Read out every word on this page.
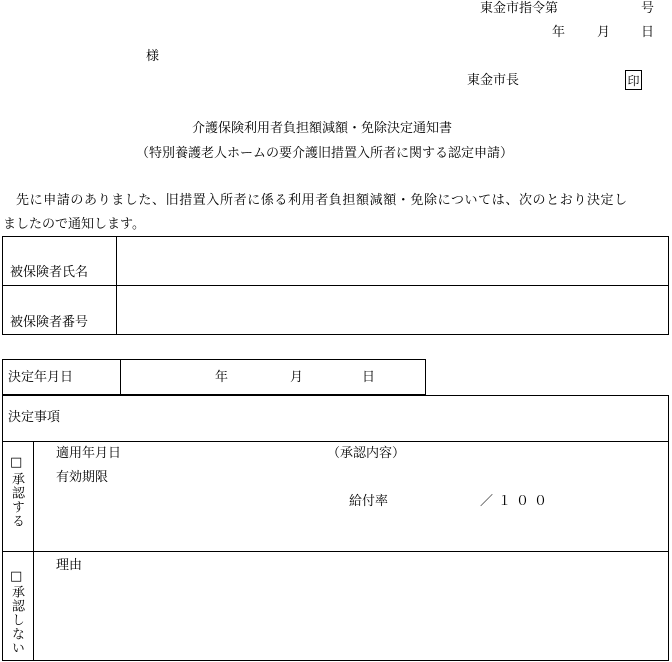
東金市指令第	号
年 月 日
様
東金市長	印
介護保険利用者負担額減額・免除決定通知書
（特別養護老人ホームの要介護旧措置入所者に関する認定申請）
先に申請のありました、旧措置入所者に係る利用者負担額減額・免除については、次のとおり決定し
ましたので通知します。
被保険者氏名
被保険者番号
決定年月日	年	月	日
決定事項
□
承認する
適用年月日
有効期限
（承認内容）
給付率	／１００
□
承認しない
理由
